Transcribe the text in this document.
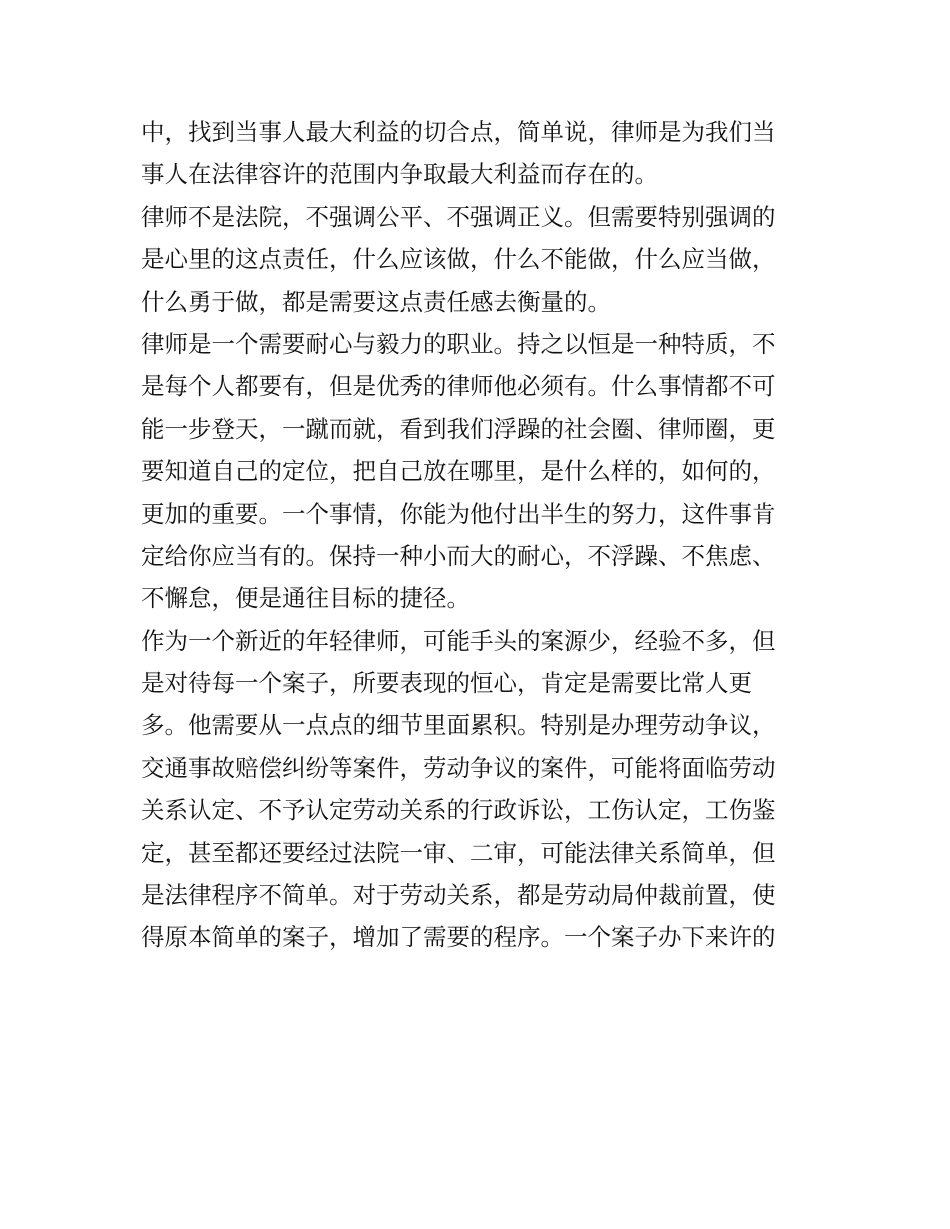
中，找到当事人最大利益的切合点，简单说，律师是为我们当
事人在法律容许的范围内争取最大利益而存在的。
律师不是法院，不强调公平、不强调正义。但需要特别强调的
是心里的这点责任，什么应该做，什么不能做，什么应当做，
什么勇于做，都是需要这点责任感去衡量的。
律师是一个需要耐心与毅力的职业。持之以恒是一种特质，不
是每个人都要有，但是优秀的律师他必须有。什么事情都不可
能一步登天，一蹴而就，看到我们浮躁的社会圈、律师圈，更
要知道自己的定位，把自己放在哪里，是什么样的，如何的，
更加的重要。一个事情，你能为他付出半生的努力，这件事肯
定给你应当有的。保持一种小而大的耐心，不浮躁、不焦虑、
不懈怠，便是通往目标的捷径。
作为一个新近的年轻律师，可能手头的案源少，经验不多，但
是对待每一个案子，所要表现的恒心，肯定是需要比常人更
多。他需要从一点点的细节里面累积。特别是办理劳动争议，
交通事故赔偿纠纷等案件，劳动争议的案件，可能将面临劳动
关系认定、不予认定劳动关系的行政诉讼，工伤认定，工伤鉴
定，甚至都还要经过法院一审、二审，可能法律关系简单，但
是法律程序不简单。对于劳动关系，都是劳动局仲裁前置，使
得原本简单的案子，增加了需要的程序。一个案子办下来许的
